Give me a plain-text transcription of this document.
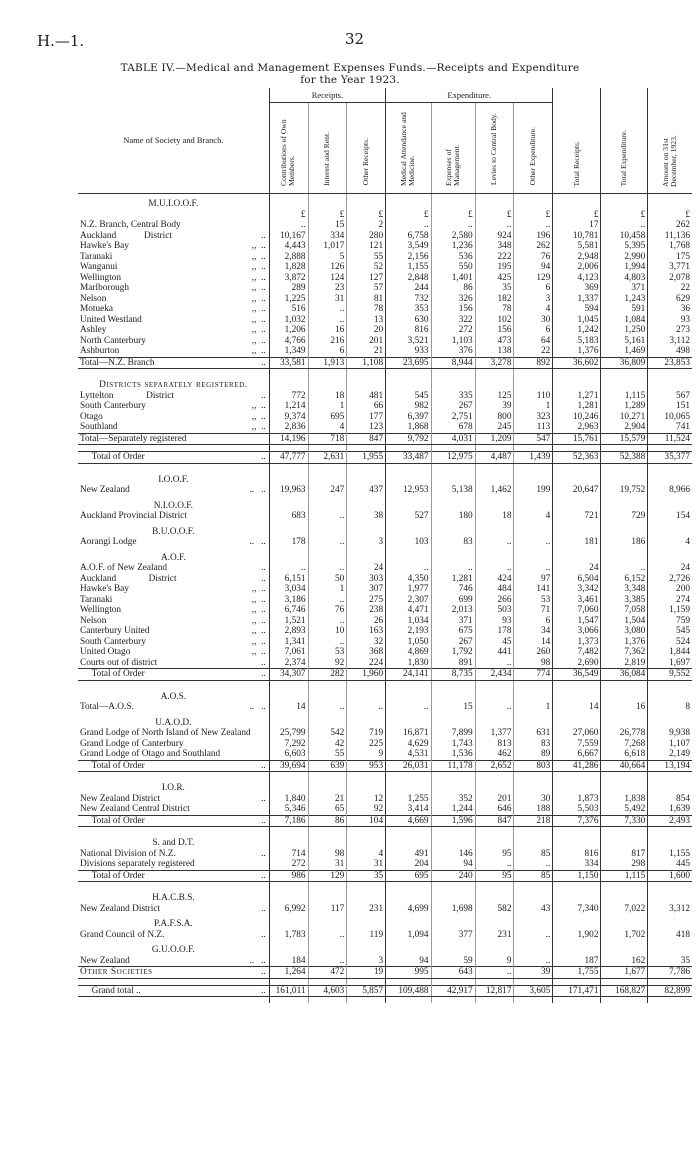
H.—1.	32
TABLE IV.—Medical and Management Expenses Funds.—Receipts and Expenditure
for the Year 1923.
Name of Society and Branch.	Receipts.			Expenditure.				Total Receipts.	Total Expenditure.	Amount on 31st December, 1923.
	Contributions of Own Members.	Interest and Rent.	Other Receipts.	Medical Attendance and Medicine.	Expenses of Management.	Levies to Central Body.	Other Expenditure.			
M.U.I.O.O.F.										

	£	£	£	£	£	£	£	£	£	£
N.Z. Branch, Central Body	..	15	2	..	..	..	..	17	..	262
Auckland            District ..	10,167	334	280	6,758	2,580	924	196	10,781	10,458	11,136
Hawke's Bay ,,  ..	4,443	1,017	121	3,549	1,236	348	262	5,581	5,395	1,768
Taranaki ,,  ..	2,888	5	55	2,156	536	222	76	2,948	2,990	175
Wanganui ,,  ..	1,828	126	52	1,155	550	195	94	2,006	1,994	3,771
Wellington ,,  ..	3,872	124	127	2,848	1,401	425	129	4,123	4,803	2,078
Marlborough ,,  ..	289	23	57	244	86	35	6	369	371	22
Nelson ,,  ..	1,225	31	81	732	326	182	3	1,337	1,243	629
Motueka ,,  ..	516	..	78	353	156	78	4	594	591	36
United Westland ,,  ..	1,032	..	13	630	322	102	30	1,045	1,084	93
Ashley ,,  ..	1,206	16	20	816	272	156	6	1,242	1,250	273
North Canterbury ,,  ..	4,766	216	201	3,521	1,103	473	64	5,183	5,161	3,112
Ashburton ,,  ..	1,349	6	21	933	376	138	22	1,376	1,469	498
Total—N.Z. Branch ..	33,581	1,913	1,108	23,695	8,944	3,278	892	36,602	36,809	23,853

Districts separately registered.										
Lyttelton              District ..	772	18	481	545	335	125	110	1,271	1,115	567
South Canterbury ,,  ..	1,214	1	66	982	267	39	1	1,281	1,289	151
Otago ,,  ..	9,374	695	177	6,397	2,751	800	323	10,246	10,271	10,065
Southland ,,  ..	2,836	4	123	1,868	678	245	113	2,963	2,904	741
Total—Separately registered	14,196	718	847	9,792	4,031	1,209	547	15,761	15,579	11,524

Total of Order ..	47,777	2,631	1,955	33,487	12,975	4,487	1,439	52,363	52,388	35,377

I.O.O.F.										
New Zealand ..   ..	19,963	247	437	12,953	5,138	1,462	199	20,647	19,752	8,966
N.I.O.O.F.										
Auckland Provincial District	683	..	38	527	180	18	4	721	729	154
B.U.O.O.F.										
Aorangi Lodge ..   ..	178	..	3	103	83	..	..	181	186	4
A.O.F.										
A.O.F. of New Zealand ..	..	..	24	..	..	..	..	24	..	24
Auckland              District ..	6,151	50	303	4,350	1,281	424	97	6,504	6,152	2,726
Hawke's Bay ,,  ..	3,034	1	307	1,977	746	484	141	3,342	3,348	200
Taranaki ,,  ..	3,186	..	275	2,307	699	266	53	3,461	3,385	274
Wellington ,,  ..	6,746	76	238	4,471	2,013	503	71	7,060	7,058	1,159
Nelson ,,  ..	1,521	..	26	1,034	371	93	6	1,547	1,504	759
Canterbury United ,,  ..	2,893	10	163	2,193	675	178	34	3,066	3,080	545
South Canterbury ,,  ..	1,341	..	32	1,050	267	45	14	1,373	1,376	524
United Otago ,,  ..	7,061	53	368	4,869	1,792	441	260	7,482	7,362	1,844
Courts out of district ..	2,374	92	224	1,830	891	..	98	2,690	2,819	1,697
Total of Order ..	34,307	282	1,960	24,141	8,735	2,434	774	36,549	36,084	9,552

A.O.S.										
Total—A.O.S. ..   ..	14	..	..	..	15	..	1	14	16	8
U.A.O.D.										
Grand Lodge of North Island of New Zealand	25,799	542	719	16,871	7,899	1,377	631	27,060	26,778	9,938
Grand Lodge of Canterbury	7,292	42	225	4,629	1,743	813	83	7,559	7,268	1,107
Grand Lodge of Otago and Southland	6,603	55	9	4,531	1,536	462	89	6,667	6,618	2,149
Total of Order ..	39,694	639	953	26,031	11,178	2,652	803	41,286	40,664	13,194

I.O.R.										
New Zealand District ..	1,840	21	12	1,255	352	201	30	1,873	1,838	854
New Zealand Central District	5,346	65	92	3,414	1,244	646	188	5,503	5,492	1,639
Total of Order ..	7,186	86	104	4,669	1,596	847	218	7,376	7,330	2,493

S. and D.T.										
National Division of N.Z. ..	714	98	4	491	146	95	85	816	817	1,155
Divisions separately registered	272	31	31	204	94	..	..	334	298	445
Total of Order ..	986	129	35	695	240	95	85	1,150	1,115	1,600

H.A.C.B.S.										
New Zealand District ..	6,992	117	231	4,699	1,698	582	43	7,340	7,022	3,312
P.A.F.S.A.										
Grand Council of N.Z. ..	1,783	..	119	1,094	377	231	..	1,902	1,702	418
G.U.O.O.F.										
New Zealand ..   ..	184	..	3	94	59	9	..	187	162	35
Other Societies ..	1,264	472	19	995	643	..	39	1,755	1,677	7,786

Grand total .. ..	161,011	4,603	5,857	109,488	42,917	12,817	3,605	171,471	168,827	82,899
